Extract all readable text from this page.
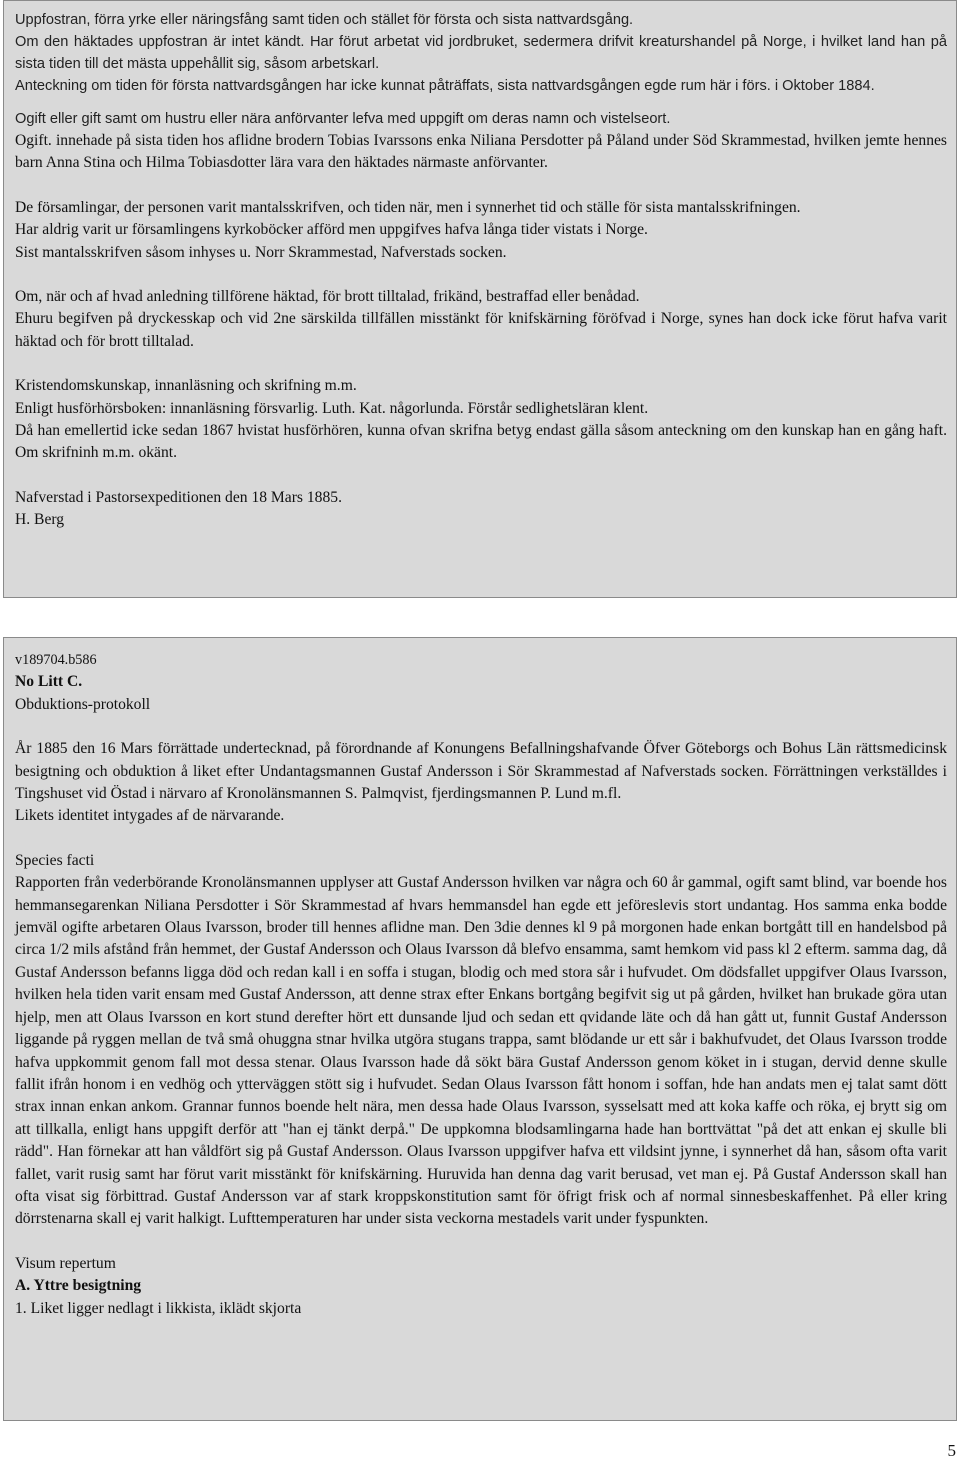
Uppfostran, förra yrke eller näringsfång samt tiden och stället för första och sista nattvardsgång.

Om den häktades uppfostran är intet kändt. Har förut arbetat vid jordbruket, sedermera drifvit kreaturshandel på Norge, i hvilket land han på sista tiden till det mästa uppehållit sig, såsom arbetskarl.

Anteckning om tiden för första nattvardsgången har icke kunnat påträffats, sista nattvardsgången egde rum här i förs. i Oktober 1884.

Ogift eller gift samt om hustru eller nära anförvanter lefva med uppgift om deras namn och vistelseort.

Ogift. innehade på sista tiden hos aflidne brodern Tobias Ivarssons enka Niliana Persdotter på Påland under Söd Skrammestad, hvilken jemte hennes barn Anna Stina och Hilma Tobiasdotter lära vara den häktades närmaste anförvanter.

De församlingar, der personen varit mantalsskrifven, och tiden när, men i synnerhet tid och ställe för sista mantalsskrifningen.

Har aldrig varit ur församlingens kyrkoböcker afförd men uppgifves hafva långa tider vistats i Norge.

Sist mantalsskrifven såsom inhyses u. Norr Skrammestad, Nafverstads socken.

Om, när och af hvad anledning tillförene häktad, för brott tilltalad, frikänd, bestraffad eller benådad.

Ehuru begifven på dryckesskap och vid 2ne särskilda tillfällen misstänkt för knifskärning föröfvad i Norge, synes han dock icke förut hafva varit häktad och för brott tilltalad.

Kristendomskunskap, innanläsning och skrifning m.m.

Enligt husförhörsboken: innanläsning försvarlig. Luth. Kat. någorlunda. Förstår sedlighetsläran klent.

Då han emellertid icke sedan 1867 hvistat husförhören, kunna ofvan skrifna betyg endast gälla såsom anteckning om den kunskap han en gång haft. Om skrifninh m.m. okänt.

Nafverstad i Pastorsexpeditionen den 18 Mars 1885.

H. Berg

v189704.b586

No Litt C.

Obduktions-protokoll

År 1885 den 16 Mars förrättade undertecknad, på förordnande af Konungens Befallningshafvande Öfver Göteborgs och Bohus Län rättsmedicinsk besigtning och obduktion å liket efter Undantagsmannen Gustaf Andersson i Sör Skrammestad af Nafverstads socken. Förrättningen verkställdes i Tingshuset vid Östad i närvaro af Kronolänsmannen S. Palmqvist, fjerdingsmannen P. Lund m.fl.

Likets identitet intygades af de närvarande.

Species facti

Rapporten från vederbörande Kronolänsmannen upplyser att Gustaf Andersson hvilken var några och 60 år gammal, ogift samt blind, var boende hos hemmansegarenkan Niliana Persdotter i Sör Skrammestad af hvars hemmansdel han egde ett jeföreslevis stort undantag. Hos samma enka bodde jemväl ogifte arbetaren Olaus Ivarsson, broder till hennes aflidne man. Den 3die dennes kl 9 på morgonen hade enkan bortgått till en handelsbod på circa 1/2 mils afstånd från hemmet, der Gustaf Andersson och Olaus Ivarsson då blefvo ensamma, samt hemkom vid pass kl 2 efterm. samma dag, då Gustaf Andersson befanns ligga död och redan kall i en soffa i stugan, blodig och med stora sår i hufvudet. Om dödsfallet uppgifver Olaus Ivarsson, hvilken hela tiden varit ensam med Gustaf Andersson, att denne strax efter Enkans bortgång begifvit sig ut på gården, hvilket han brukade göra utan hjelp, men att Olaus Ivarsson en kort stund derefter hört ett dunsande ljud och sedan ett qvidande läte och då han gått ut, funnit Gustaf Andersson liggande på ryggen mellan de två små ohuggna stnar hvilka utgöra stugans trappa, samt blödande ur ett sår i bakhufvudet, det Olaus Ivarsson trodde hafva uppkommit genom fall mot dessa stenar. Olaus Ivarsson hade då sökt bära Gustaf Andersson genom köket in i stugan, dervid denne skulle fallit ifrån honom i en vedhög och ytterväggen stött sig i hufvudet. Sedan Olaus Ivarsson fått honom i soffan, hde han andats men ej talat samt dött strax innan enkan ankom. Grannar funnos boende helt nära, men dessa hade Olaus Ivarsson, sysselsatt med att koka kaffe och röka, ej brytt sig om att tillkalla, enligt hans uppgift derför att "han ej tänkt derpå." De uppkomna blodsamlingarna hade han borttvättat "på det att enkan ej skulle bli rädd". Han förnekar att han våldfört sig på Gustaf Andersson. Olaus Ivarsson uppgifver hafva ett vildsint jynne, i synnerhet då han, såsom ofta varit fallet, varit rusig samt har förut varit misstänkt för knifskärning. Huruvida han denna dag varit berusad, vet man ej. På Gustaf Andersson skall han ofta visat sig förbittrad. Gustaf Andersson var af stark kroppskonstitution samt för öfrigt frisk och af normal sinnesbeskaffenhet. På eller kring dörrstenarna skall ej varit halkigt. Lufttemperaturen har under sista veckorna mestadels varit under fyspunkten.

Visum repertum

A. Yttre besigtning

1. Liket ligger nedlagt i likkista, iklädt skjorta

5
